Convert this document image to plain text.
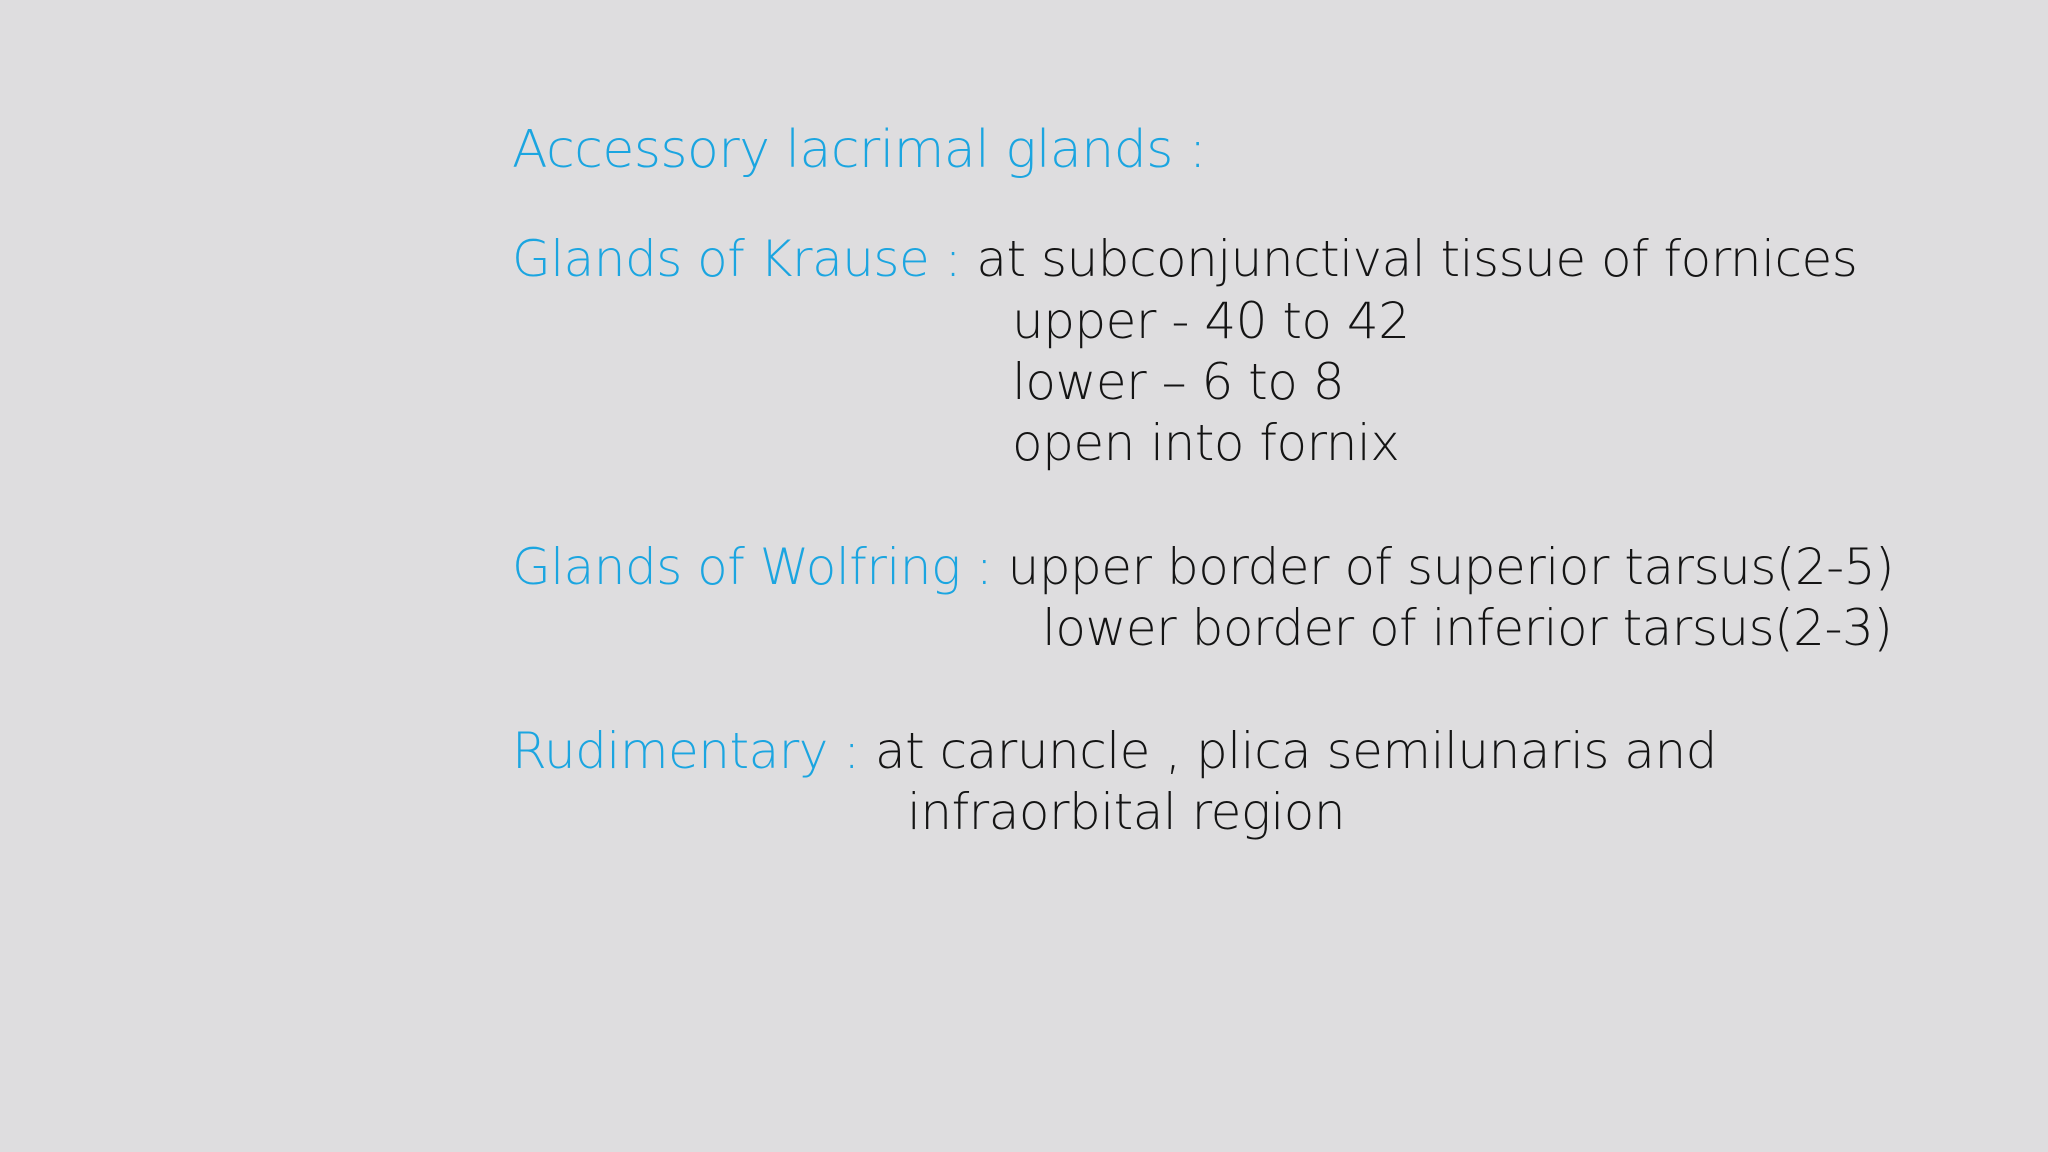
Accessory lacrimal glands :
Glands of Krause : at subconjunctival tissue of fornices
upper - 40 to 42
lower – 6 to 8
open into fornix
Glands of Wolfring : upper border of superior tarsus(2-5)
lower border of inferior tarsus(2-3)
Rudimentary : at caruncle , plica semilunaris and
infraorbital region
